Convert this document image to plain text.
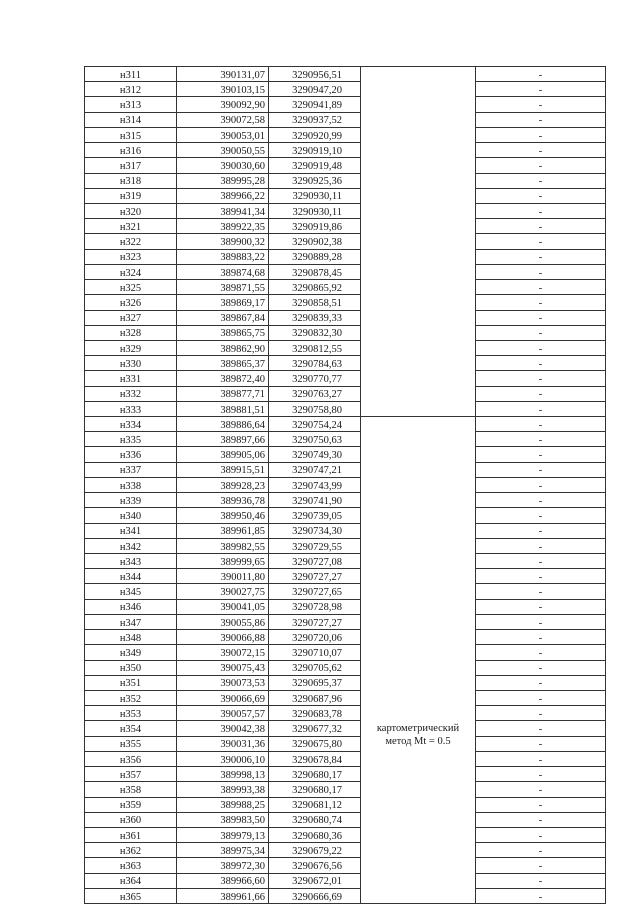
н311	390131,07	3290956,51		-
н312	390103,15	3290947,20		-
н313	390092,90	3290941,89		-
н314	390072,58	3290937,52		-
н315	390053,01	3290920,99		-
н316	390050,55	3290919,10		-
н317	390030,60	3290919,48		-
н318	389995,28	3290925,36		-
н319	389966,22	3290930,11		-
н320	389941,34	3290930,11		-
н321	389922,35	3290919,86		-
н322	389900,32	3290902,38		-
н323	389883,22	3290889,28		-
н324	389874,68	3290878,45		-
н325	389871,55	3290865,92		-
н326	389869,17	3290858,51		-
н327	389867,84	3290839,33		-
н328	389865,75	3290832,30		-
н329	389862,90	3290812,55		-
н330	389865,37	3290784,63		-
н331	389872,40	3290770,77		-
н332	389877,71	3290763,27		-
н333	389881,51	3290758,80		-
н334	389886,64	3290754,24	картометрический метод Mt = 0.5	-
н335	389897,66	3290750,63		-
н336	389905,06	3290749,30		-
н337	389915,51	3290747,21		-
н338	389928,23	3290743,99		-
н339	389936,78	3290741,90		-
н340	389950,46	3290739,05		-
н341	389961,85	3290734,30		-
н342	389982,55	3290729,55		-
н343	389999,65	3290727,08		-
н344	390011,80	3290727,27		-
н345	390027,75	3290727,65		-
н346	390041,05	3290728,98		-
н347	390055,86	3290727,27		-
н348	390066,88	3290720,06		-
н349	390072,15	3290710,07		-
н350	390075,43	3290705,62		-
н351	390073,53	3290695,37		-
н352	390066,69	3290687,96		-
н353	390057,57	3290683,78		-
н354	390042,38	3290677,32		-
н355	390031,36	3290675,80		-
н356	390006,10	3290678,84		-
н357	389998,13	3290680,17		-
н358	389993,38	3290680,17		-
н359	389988,25	3290681,12		-
н360	389983,50	3290680,74		-
н361	389979,13	3290680,36		-
н362	389975,34	3290679,22		-
н363	389972,30	3290676,56		-
н364	389966,60	3290672,01		-
н365	389961,66	3290666,69		-
